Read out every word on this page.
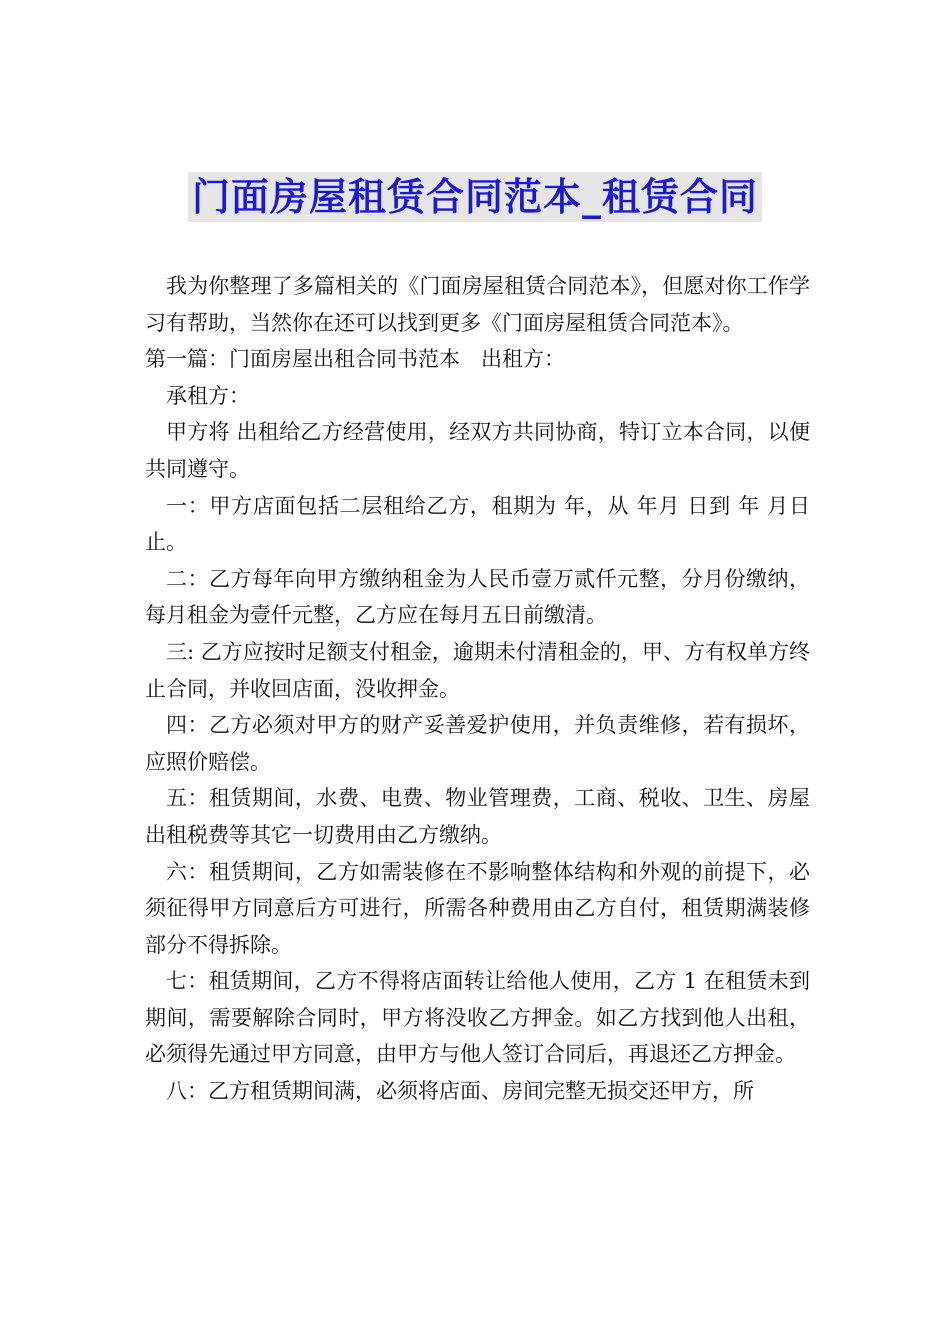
门面房屋租赁合同范本_租赁合同

我为你整理了多篇相关的《门面房屋租赁合同范本》，但愿对你工作学习有帮助，当然你在还可以找到更多《门面房屋租赁合同范本》。

第一篇：门面房屋出租合同书范本　出租方：

承租方：

甲方将 出租给乙方经营使用，经双方共同协商，特订立本合同，以便共同遵守。

一：甲方店面包括二层租给乙方，租期为 年，从 年月 日到 年 月日止。

二：乙方每年向甲方缴纳租金为人民币壹万贰仟元整，分月份缴纳，每月租金为壹仟元整，乙方应在每月五日前缴清。

三: 乙方应按时足额支付租金，逾期未付清租金的，甲、方有权单方终止合同，并收回店面，没收押金。

四：乙方必须对甲方的财产妥善爱护使用，并负责维修，若有损坏，应照价赔偿。

五：租赁期间，水费、电费、物业管理费，工商、税收、卫生、房屋出租税费等其它一切费用由乙方缴纳。

六：租赁期间，乙方如需装修在不影响整体结构和外观的前提下，必须征得甲方同意后方可进行，所需各种费用由乙方自付，租赁期满装修部分不得拆除。

七：租赁期间，乙方不得将店面转让给他人使用，乙方 1 在租赁未到期间，需要解除合同时，甲方将没收乙方押金。如乙方找到他人出租，必须得先通过甲方同意，由甲方与他人签订合同后，再退还乙方押金。

八：乙方租赁期间满，必须将店面、房间完整无损交还甲方，所
